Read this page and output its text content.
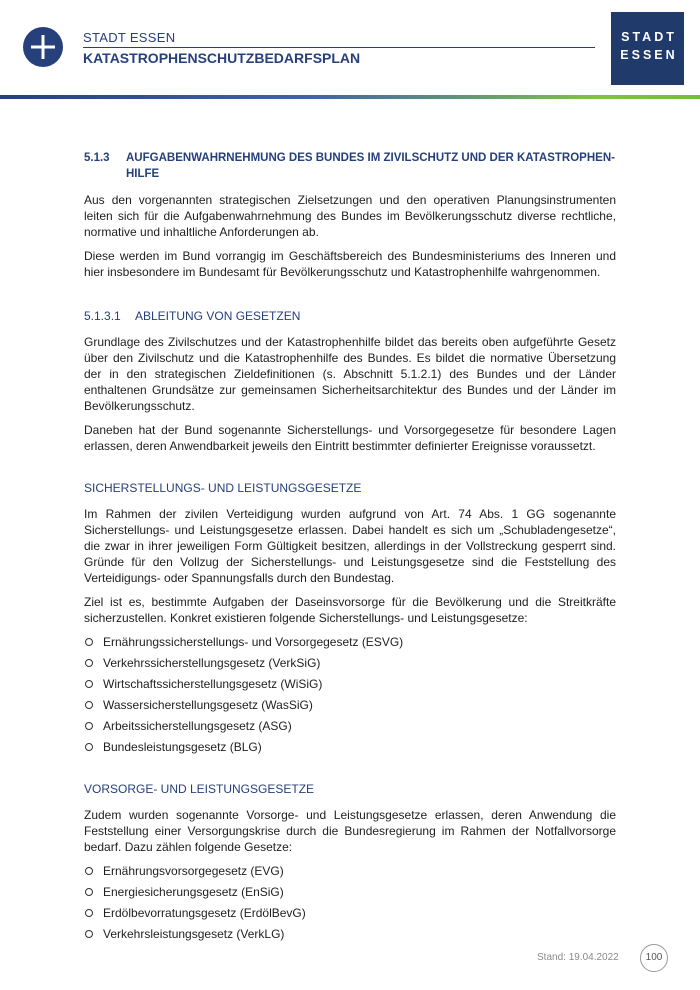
STADT ESSEN
KATASTROPHENSCHUTZBEDARFSPLAN
STADT
ESSEN
5.1.3	AUFGABENWAHRNEHMUNG DES BUNDES IM ZIVILSCHUTZ UND DER KATASTROPHEN-HILFE

Aus den vorgenannten strategischen Zielsetzungen und den operativen Planungsinstrumenten leiten sich für die Aufgabenwahrnehmung des Bundes im Bevölkerungsschutz diverse rechtliche, normative und inhaltliche Anforderungen ab.

Diese werden im Bund vorrangig im Geschäftsbereich des Bundesministeriums des Inneren und hier insbesondere im Bundesamt für Bevölkerungsschutz und Katastrophenhilfe wahrgenommen.

5.1.3.1	ABLEITUNG VON GESETZEN

Grundlage des Zivilschutzes und der Katastrophenhilfe bildet das bereits oben aufgeführte Gesetz über den Zivilschutz und die Katastrophenhilfe des Bundes. Es bildet die normative Übersetzung der in den strategischen Zieldefinitionen (s. Abschnitt 5.1.2.1) des Bundes und der Länder enthaltenen Grundsätze zur gemeinsamen Sicherheitsarchitektur des Bundes und der Länder im Bevölkerungsschutz.

Daneben hat der Bund sogenannte Sicherstellungs- und Vorsorgegesetze für besondere Lagen erlassen, deren Anwendbarkeit jeweils den Eintritt bestimmter definierter Ereignisse voraussetzt.

SICHERSTELLUNGS- UND LEISTUNGSGESETZE

Im Rahmen der zivilen Verteidigung wurden aufgrund von Art. 74 Abs. 1 GG sogenannte Sicherstellungs- und Leistungsgesetze erlassen. Dabei handelt es sich um „Schubladengesetze“, die zwar in ihrer jeweiligen Form Gültigkeit besitzen, allerdings in der Vollstreckung gesperrt sind. Gründe für den Vollzug der Sicherstellungs- und Leistungsgesetze sind die Feststellung des Verteidigungs- oder Spannungsfalls durch den Bundestag.

Ziel ist es, bestimmte Aufgaben der Daseinsvorsorge für die Bevölkerung und die Streitkräfte sicherzustellen. Konkret existieren folgende Sicherstellungs- und Leistungsgesetze:

Ernährungssicherstellungs- und Vorsorgegesetz (ESVG)
Verkehrssicherstellungsgesetz (VerkSiG)
Wirtschaftssicherstellungsgesetz (WiSiG)
Wassersicherstellungsgesetz (WasSiG)
Arbeitssicherstellungsgesetz (ASG)
Bundesleistungsgesetz (BLG)
VORSORGE- UND LEISTUNGSGESETZE

Zudem wurden sogenannte Vorsorge- und Leistungsgesetze erlassen, deren Anwendung die Feststellung einer Versorgungskrise durch die Bundesregierung im Rahmen der Notfallvorsorge bedarf. Dazu zählen folgende Gesetze:

Ernährungsvorsorgegesetz (EVG)
Energiesicherungsgesetz (EnSiG)
Erdölbevorratungsgesetz (ErdölBevG)
Verkehrsleistungsgesetz (VerkLG)
Stand: 19.04.2022	100
